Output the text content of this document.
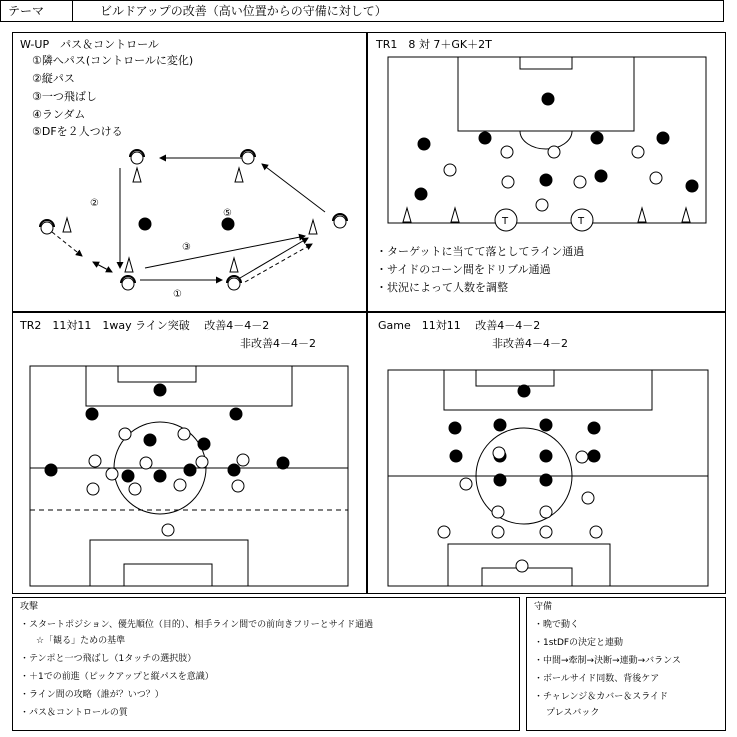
テーマ	ビルドアップの改善（高い位置からの守備に対して）
W-UP　パス＆コントロール
①隣へパス(コントロールに変化)
②縦パス
③一つ飛ばし
④ランダム
⑤DFを２人つける
TR1　8 対 7＋GK＋2T
・ターゲットに当てて落としてライン通過
・サイドのコーン間をドリブル通過
・状況によって人数を調整
TR2　11対11　1way ライン突破　 改善4－4－2
非改善4－4－2
Game　11対11　 改善4－4－2
非改善4－4－2
攻撃
・スタートポジション、優先順位（目的）、相手ライン間での前向きフリーとサイド通過
☆「観る」ための基準
・テンポと一つ飛ばし（1タッチの選択肢）
・＋1での前進（ピックアップと縦パスを意識）
・ライン間の攻略（誰が？いつ？）
・パス＆コントロールの質
守備
・晩で動く
・1stDFの決定と連動
・中間→牽制→決断→連動→バランス
・ボールサイド同数、背後ケア
・チャレンジ＆カバー＆スライド
プレスバック
②
③
①
⑤
T	T
